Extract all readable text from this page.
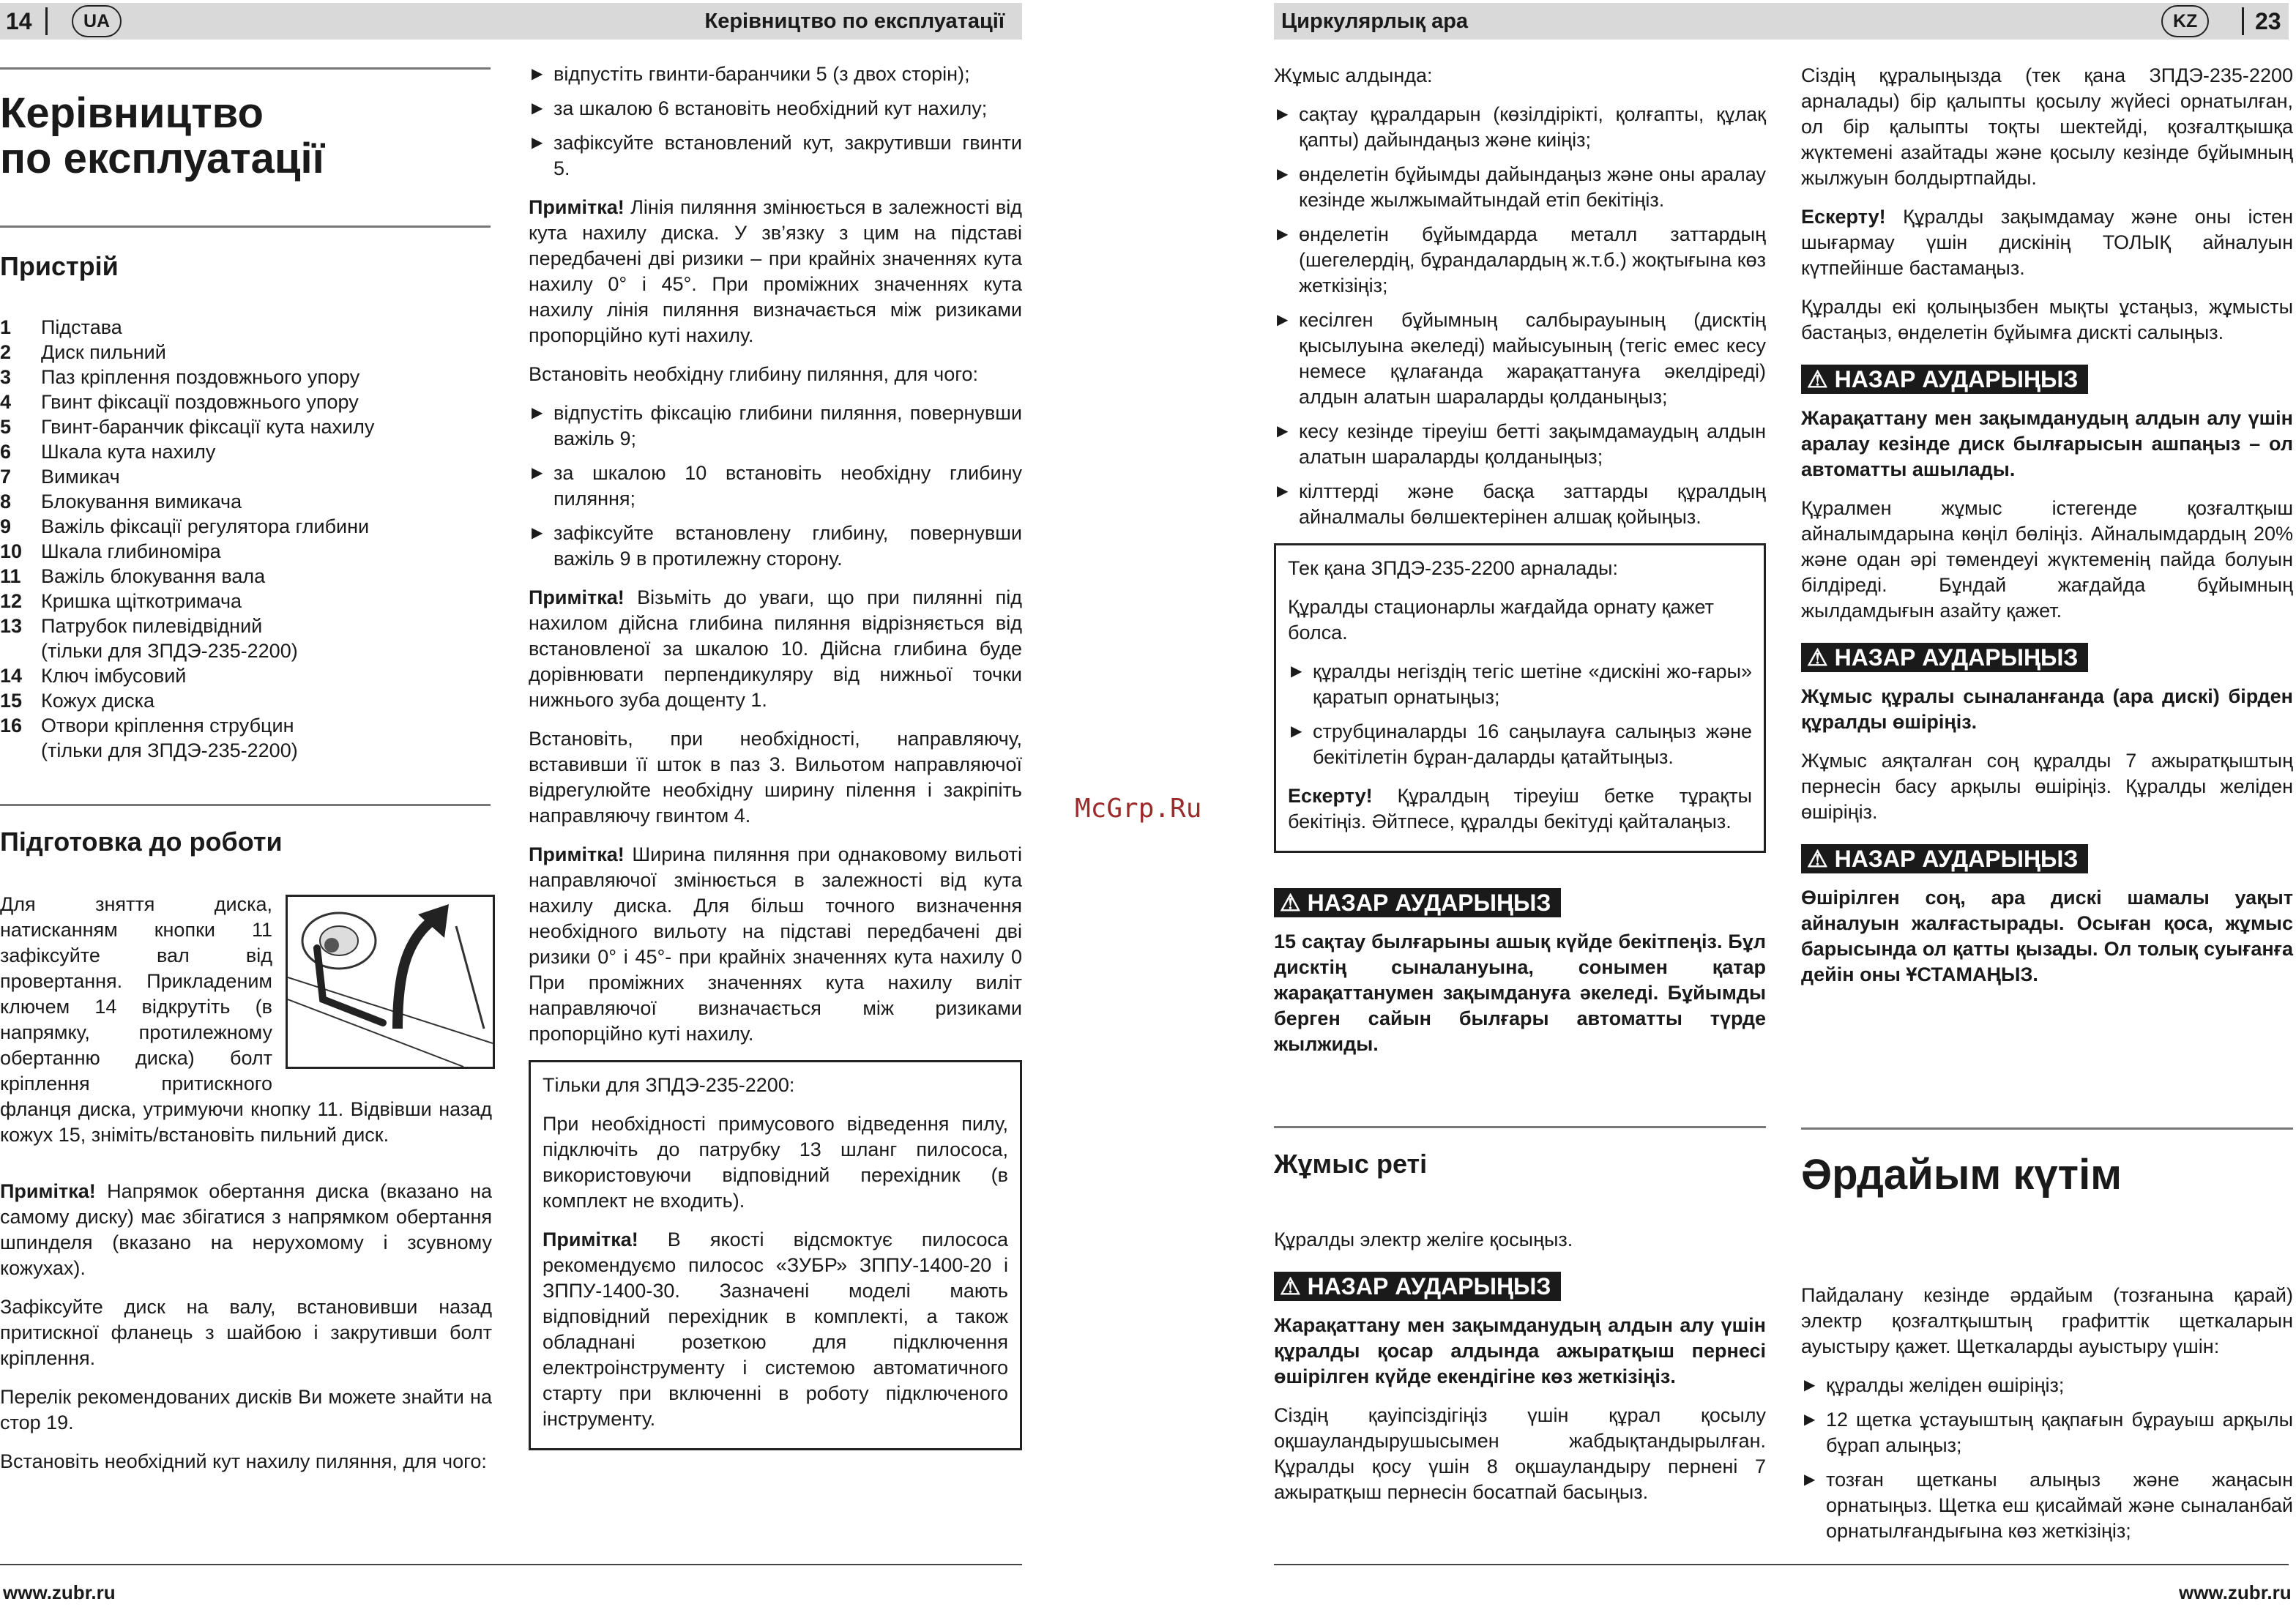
14	UA	Керівництво по експлуатації
Керівництво
по експлуатації
Пристрій
1	Підстава
2	Диск пильний
3	Паз кріплення поздовжнього упору
4	Гвинт фіксації поздовжнього упору
5	Гвинт-баранчик фіксації кута нахилу
6	Шкала кута нахилу
7	Вимикач
8	Блокування вимикача
9	Важіль фіксації регулятора глибини
10 Шкала глибиноміра
11	Важіль блокування вала
12 Кришка щіткотримача
13 Патрубок пилевідвідний
(тільки для ЗПДЭ-235-2200)
14 Ключ імбусовий
15 Кожух диска
16 Отвори кріплення струбцин
(тільки для ЗПДЭ-235-2200)
Підготовка до роботи

Для зняття диска, натисканням кнопки 11 зафіксуйте вал від провертання. Прикладеним ключем 14 відкрутіть (в напрямку, протилежному обертанню диска) болт кріплення притискного фланця диска, утримуючи кнопку 11. Відвівши назад кожух 15, зніміть/встановіть пильний диск.

Примітка! Напрямок обертання диска (вказано на самому диску) має збігатися з напрямком обертання шпинделя (вказано на нерухомому і зсувному кожухах).

Зафіксуйте диск на валу, встановивши назад притискної фланець з шайбою і закрутивши болт кріплення.

Перелік рекомендованих дисків Ви можете знайти на стор 19.

Встановіть необхідний кут нахилу пиляння, для чого:

▶ відпустіть гвинти-баранчики 5 (з двох сторін);
▶ за шкалою 6 встановіть необхідний кут нахилу;
▶ зафіксуйте встановлений кут, закрутивши гвинти 5.

Примітка! Лінія пиляння змінюється в залежності від кута нахилу диска. У зв’язку з цим на підставі передбачені дві ризики – при крайніх значеннях кута нахилу 0° і 45°. При проміжних значеннях кута нахилу лінія пиляння визначається між ризиками пропорційно куті нахилу.

Встановіть необхідну глибину пиляння, для чого:

▶ відпустіть фіксацію глибини пиляння, повернувши важіль 9;
▶ за шкалою 10 встановіть необхідну глибину пиляння;
▶ зафіксуйте встановлену глибину, повернувши важіль 9 в протилежну сторону.

Примітка! Візьміть до уваги, що при пилянні під нахилом дійсна глибина пиляння відрізняється від встановленої за шкалою 10. Дійсна глибина буде дорівнювати перпендикуляру від нижньої точки нижнього зуба дощенту 1.

Встановіть, при необхідності, направляючу, вставивши її шток в паз 3. Вильотом направляючої відрегулюйте необхідну ширину пілення і закріпіть направляючу гвинтом 4.

Примітка! Ширина пиляння при однаковому вильоті направляючої змінюється в залежності від кута нахилу диска. Для більш точного визначення необхідного вильоту на підставі передбачені дві ризики 0° і 45°- при крайніх значеннях кута нахилу 0 При проміжних значеннях кута нахилу виліт направляючої визначається між ризиками пропорційно куті нахилу.

Тільки для ЗПДЭ-235-2200:

При необхідності примусового відведення пилу, підключіть до патрубку 13 шланг пилососа, використовуючи відповідний перехідник (в комплект не входить).

Примітка! В якості відсмоктує пилососа рекомендуємо пилосос «ЗУБР» ЗППУ-1400-20 і ЗППУ-1400-30. Зазначені моделі мають відповідний перехідник в комплекті, а також обладнані розеткою для підключення електроінструменту і системою автоматичного старту при включенні в роботу підключеного інструменту.

www.zubr.ru
McGrp.Ru
Циркулярлық ара	KZ	23

Жұмыс алдында:

▶ сақтау құралдарын (көзілдірікті, қолғапты, құлақ қапты) дайындаңыз және киіңіз;
▶ өнделетін бұйымды дайындаңыз және оны аралау кезінде жылжымайтындай етіп бекітіңіз.
▶ өнделетін бұйымдарда металл заттардың (шегелердің, бұрандалардың ж.т.б.) жоқтығына көз жеткізіңіз;
▶ кесілген бұйымның салбырауының (дисктің қысылуына әкеледі) майысуының (тегіс емес кесу немесе құлағанда жарақаттануға әкелдіреді) алдын алатын шараларды қолданыңыз;
▶ кесу кезінде тіреуіш бетті зақымдамаудың алдын алатын шараларды қолданыңыз;
▶ кілттерді және басқа заттарды құралдың айналмалы бөлшектерінен алшақ қойыңыз.

Тек қана ЗПДЭ-235-2200 арналады:

Құралды стационарлы жағдайда орнату қажет болса.

▶ құралды негіздің тегіс шетіне «дискіні жо-ғары» қаратып орнатыңыз;
▶ струбциналарды 16 саңылауға салыңыз және бекітілетін бұран-даларды қатайтыңыз.

Ескерту! Құралдың тіреуіш бетке тұрақты бекітіңіз. Әйтпесе, құралды бекітуді қайталаңыз.

⚠ НАЗАР АУДАРЫҢЫЗ

15 сақтау былғарыны ашық күйде бекітпеңіз. Бұл дисктің сыналануына, сонымен қатар жарақаттанумен зақымдануға әкеледі. Бұйымды берген сайын былғары автоматты түрде жылжиды.

Жұмыс реті

Құралды электр желіге қосыңыз.

⚠ НАЗАР АУДАРЫҢЫЗ

Жарақаттану мен зақымданудың алдын алу үшін құралды қосар алдында ажыратқыш пернесі өшірілген күйде екендігіне көз жеткізіңіз.

Сіздің қауіпсіздігіңіз үшін құрал қосылу оқшауландырушысымен жабдықтандырылған. Құралды қосу үшін 8 оқшауландыру пернені 7 ажыратқыш пернесін босатпай басыңыз.

Сіздің құралыңызда (тек қана ЗПДЭ-235-2200 арналады) бір қалыпты қосылу жүйесі орнатылған, ол бір қалыпты тоқты шектейді, қозғалтқышқа жүктемені азайтады және қосылу кезінде бұйымның жылжуын болдыртпайды.

Ескерту! Құралды зақымдамау және оны істен шығармау үшін дискінің ТОЛЫҚ айналуын күтпейінше бастамаңыз.

Құралды екі қолыңызбен мықты ұстаңыз, жұмысты бастаңыз, өнделетін бұйымға дискті салыңыз.

⚠ НАЗАР АУДАРЫҢЫЗ

Жарақаттану мен зақымданудың алдын алу үшін аралау кезінде диск былғарысын ашпаңыз – ол автоматты ашылады.

Құралмен жұмыс істегенде қозғалтқыш айналымдарына көңіл бөліңіз. Айналымдардың 20% және одан әрі төмендеуі жүктеменің пайда болуын білдіреді. Бұндай жағдайда бұйымның жылдамдығын азайту қажет.

⚠ НАЗАР АУДАРЫҢЫЗ

Жұмыс құралы сыналанғанда (ара дискі) бірден құралды өшіріңіз.

Жұмыс аяқталған соң құралды 7 ажыратқыштың пернесін басу арқылы өшіріңіз. Құралды желіден өшіріңіз.

⚠ НАЗАР АУДАРЫҢЫЗ

Өшірілген соң, ара дискі шамалы уақыт айналуын жалғастырады. Осыған қоса, жұмыс барысында ол қатты қызады. Ол толық суығанға дейін оны ҰСТАМАҢЫЗ.

Әрдайым күтім

Пайдалану кезінде әрдайым (тозғанына қарай) электр қозғалтқыштың графиттік щеткаларын ауыстыру қажет. Щеткаларды ауыстыру үшін:

▶ құралды желіден өшіріңіз;
▶ 12 щетка ұстауыштың қақпағын бұрауыш арқылы бұрап алыңыз;
▶ тозған щетканы алыңыз және жаңасын орнатыңыз. Щетка еш қисаймай және сыналанбай орнатылғандығына көз жеткізіңіз;
www.zubr.ru
